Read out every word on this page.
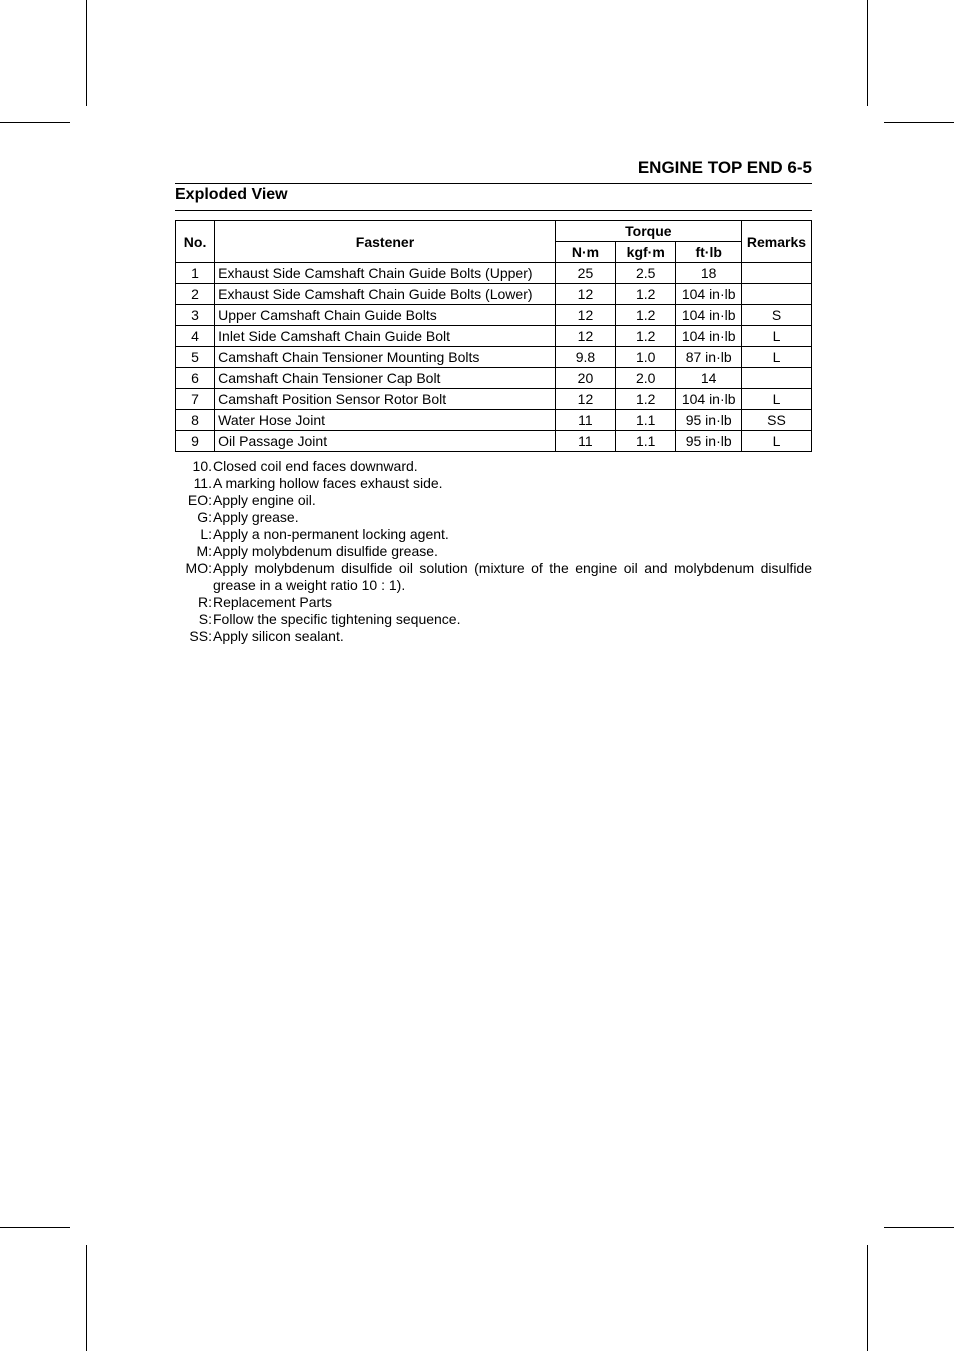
ENGINE TOP END 6-5
Exploded View
No.	Fastener	Torque			Remarks
		N·m	kgf·m	ft·lb	
1	Exhaust Side Camshaft Chain Guide Bolts (Upper)	25	2.5	18	
2	Exhaust Side Camshaft Chain Guide Bolts (Lower)	12	1.2	104 in·lb	
3	Upper Camshaft Chain Guide Bolts	12	1.2	104 in·lb	S
4	Inlet Side Camshaft Chain Guide Bolt	12	1.2	104 in·lb	L
5	Camshaft Chain Tensioner Mounting Bolts	9.8	1.0	87 in·lb	L
6	Camshaft Chain Tensioner Cap Bolt	20	2.0	14	
7	Camshaft Position Sensor Rotor Bolt	12	1.2	104 in·lb	L
8	Water Hose Joint	11	1.1	95 in·lb	SS
9	Oil Passage Joint	11	1.1	95 in·lb	L
10. Closed coil end faces downward.
11. A marking hollow faces exhaust side.
EO: Apply engine oil.
G: Apply grease.
L: Apply a non-permanent locking agent.
M: Apply molybdenum disulfide grease.
MO: Apply molybdenum disulfide oil solution (mixture of the engine oil and molybdenum disulfide grease in a weight ratio 10 : 1).
R: Replacement Parts
S: Follow the specific tightening sequence.
SS: Apply silicon sealant.
